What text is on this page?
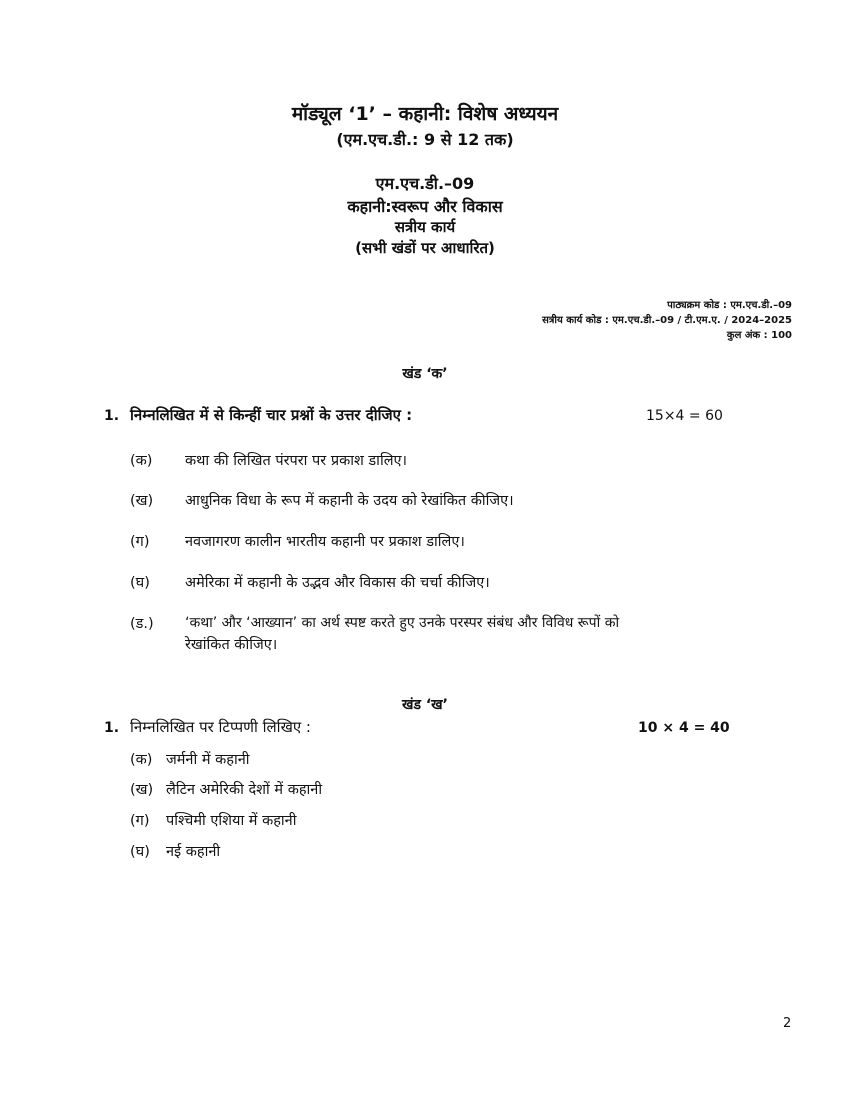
मॉड्यूल ‘1’ – कहानी: विशेष अध्ययन
(एम.एच.डी.: 9 से 12 तक)
एम.एच.डी.–09
कहानी:स्वरूप और विकास
सत्रीय कार्य
(सभी खंडों पर आधारित)
पाठ्यक्रम कोड : एम.एच.डी.–09
सत्रीय कार्य कोड : एम.एच.डी.–09 / टी.एम.ए. / 2024–2025
कुल अंक : 100
खंड ‘क’
1. निम्नलिखित में से किन्हीं चार प्रश्नों के उत्तर दीजिए :	15×4 = 60
(क) कथा की लिखित पंरपरा पर प्रकाश डालिए।
(ख) आधुनिक विधा के रूप में कहानी के उदय को रेखांकित कीजिए।
(ग) नवजागरण कालीन भारतीय कहानी पर प्रकाश डालिए।
(घ) अमेरिका में कहानी के उद्भव और विकास की चर्चा कीजिए।
(ड.) ‘कथा’ और ‘आख्यान’ का अर्थ स्पष्ट करते हुए उनके परस्पर संबंध और विविध रूपों को
रेखांकित कीजिए।
खंड ‘ख’
1. निम्नलिखित पर टिप्पणी लिखिए :	10 × 4 = 40
(क) जर्मनी में कहानी
(ख) लैटिन अमेरिकी देशों में कहानी
(ग) पश्चिमी एशिया में कहानी
(घ) नई कहानी
2
